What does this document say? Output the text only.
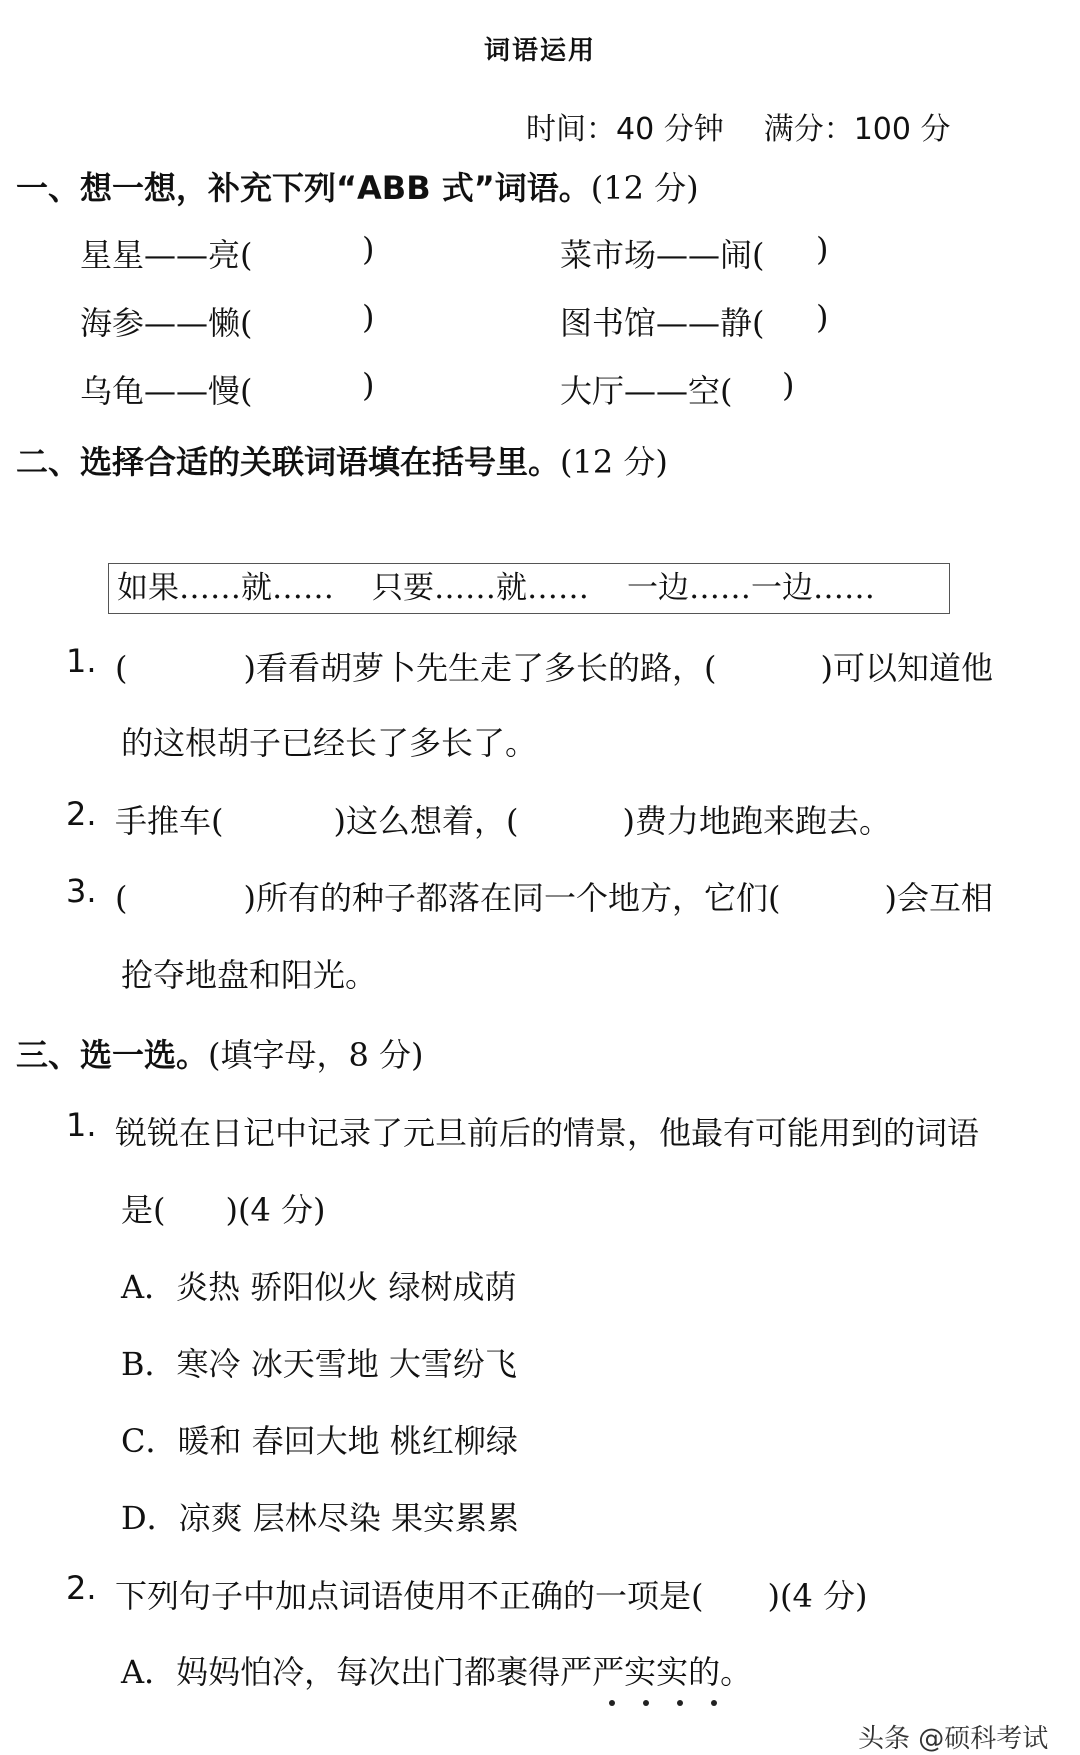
词语运用
时间：40 分钟 满分：100 分
一、想一想，补充下列“ABB 式”词语。(12 分)
星星——亮(	)	菜市场——闹( )
海参——懒(	)	图书馆——静( )
乌龟——慢(	)	大厅——空( )
二、选择合适的关联词语填在括号里。(12 分)
如果……就…… 只要……就…… 一边……一边……
1. (	)看看胡萝卜先生走了多长的路，(	)可以知道他
的这根胡子已经长了多长了。
2. 手推车(	)这么想着，(	)费力地跑来跑去。
3. (	)所有的种子都落在同一个地方，它们(	)会互相
抢夺地盘和阳光。
三、选一选。(填字母，8 分)
1. 锐锐在日记中记录了元旦前后的情景，他最有可能用到的词语
是( )(4 分)
A．炎热 骄阳似火 绿树成荫
B．寒冷 冰天雪地 大雪纷飞
C．暖和 春回大地 桃红柳绿
D．凉爽 层林尽染 果实累累
2. 下列句子中加点词语使用不正确的一项是( )(4 分)
A．妈妈怕冷，每次出门都裹得严严实实的。
头条 @硕科考试
